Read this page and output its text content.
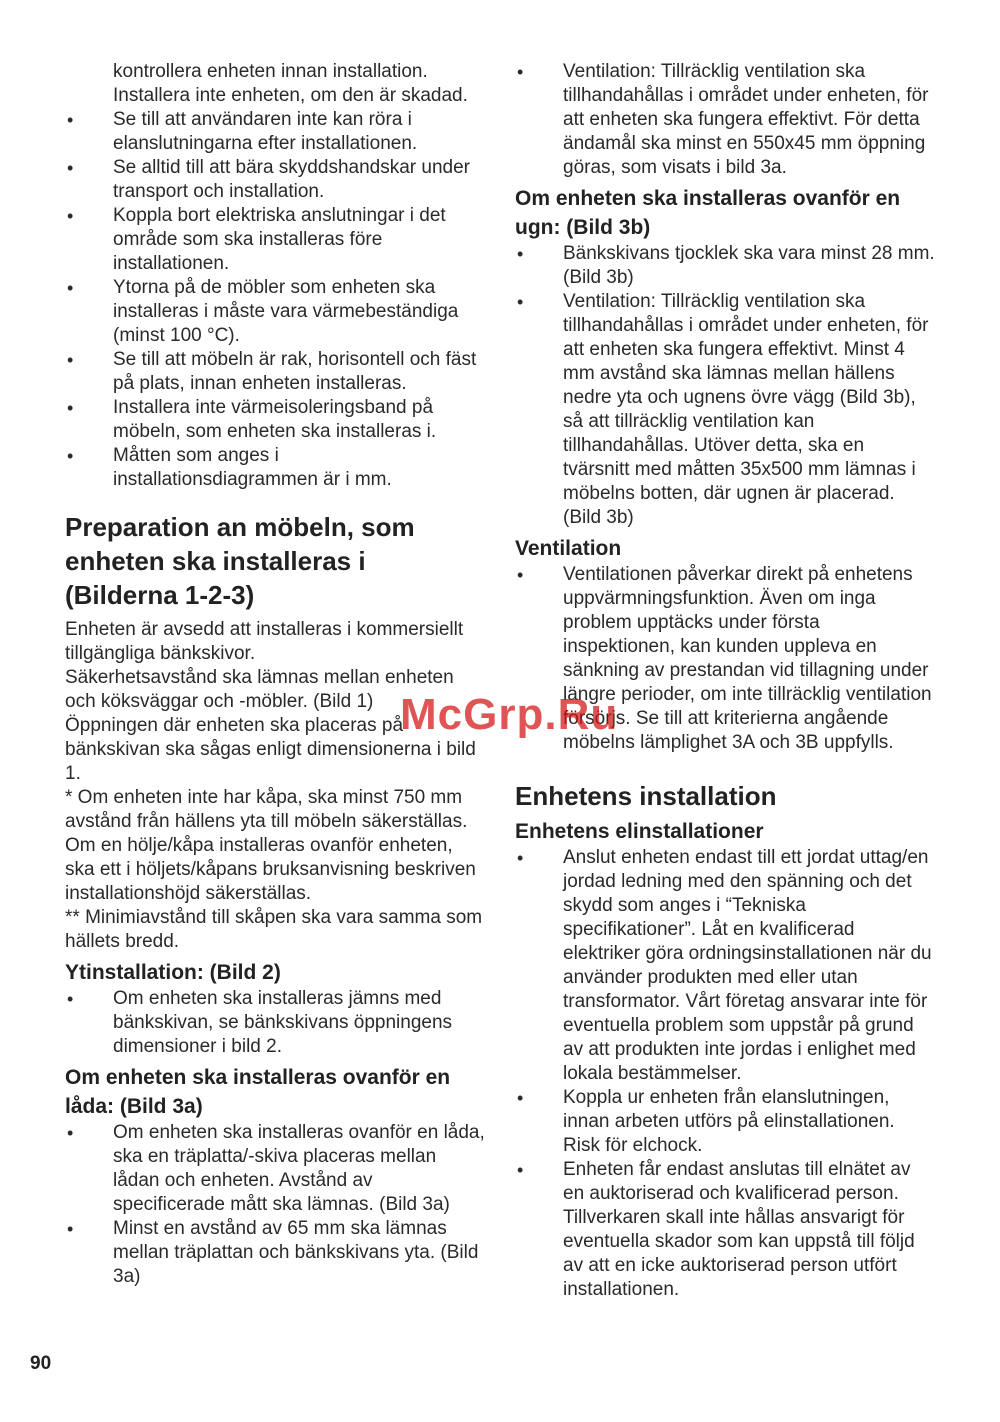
kontrollera enheten innan installation. Installera inte enheten, om den är skadad.
• Se till att användaren inte kan röra i elanslutningarna efter installationen.
• Se alltid till att bära skyddshandskar under transport och installation.
• Koppla bort elektriska anslutningar i det område som ska installeras före installationen.
• Ytorna på de möbler som enheten ska installeras i måste vara värmebeständiga (minst 100 °C).
• Se till att möbeln är rak, horisontell och fäst på plats, innan enheten installeras.
• Installera inte värmeisoleringsband på möbeln, som enheten ska installeras i.
• Måtten som anges i installationsdiagrammen är i mm.
Preparation an möbeln, som enheten ska installeras i (Bilderna 1-2-3)

Enheten är avsedd att installeras i kommersiellt tillgängliga bänkskivor.

Säkerhetsavstånd ska lämnas mellan enheten och köksväggar och -möbler. (Bild 1)

Öppningen där enheten ska placeras på bänkskivan ska sågas enligt dimensionerna i bild 1.

* Om enheten inte har kåpa, ska minst 750 mm avstånd från hällens yta till möbeln säkerställas.

Om en hölje/kåpa installeras ovanför enheten, ska ett i höljets/kåpans bruksanvisning beskriven installationshöjd säkerställas.

** Minimiavstånd till skåpen ska vara samma som hällets bredd.

Ytinstallation: (Bild 2)
• Om enheten ska installeras jämns med bänkskivan, se bänkskivans öppningens dimensioner i bild 2.
Om enheten ska installeras ovanför en låda: (Bild 3a)
• Om enheten ska installeras ovanför en låda, ska en träplatta/-skiva placeras mellan lådan och enheten. Avstånd av specificerade mått ska lämnas. (Bild 3a)
• Minst en avstånd av 65 mm ska lämnas mellan träplattan och bänkskivans yta. (Bild 3a)
• Ventilation: Tillräcklig ventilation ska tillhandahållas i området under enheten, för att enheten ska fungera effektivt. För detta ändamål ska minst en 550x45 mm öppning göras, som visats i bild 3a.
Om enheten ska installeras ovanför en ugn: (Bild 3b)
• Bänkskivans tjocklek ska vara minst 28 mm. (Bild 3b)
• Ventilation: Tillräcklig ventilation ska tillhandahållas i området under enheten, för att enheten ska fungera effektivt. Minst 4 mm avstånd ska lämnas mellan hällens nedre yta och ugnens övre vägg (Bild 3b), så att tillräcklig ventilation kan tillhandahållas. Utöver detta, ska en tvärsnitt med måtten 35x500 mm lämnas i möbelns botten, där ugnen är placerad. (Bild 3b)
Ventilation
• Ventilationen påverkar direkt på enhetens uppvärmningsfunktion. Även om inga problem upptäcks under första inspektionen, kan kunden uppleva en sänkning av prestandan vid tillagning under längre perioder, om inte tillräcklig ventilation försörjs. Se till att kriterierna angående möbelns lämplighet 3A och 3B uppfylls.
Enhetens installation
Enhetens elinstallationer
• Anslut enheten endast till ett jordat uttag/en jordad ledning med den spänning och det skydd som anges i “Tekniska specifikationer”. Låt en kvalificerad elektriker göra ordningsinstallationen när du använder produkten med eller utan transformator. Vårt företag ansvarar inte för eventuella problem som uppstår på grund av att produkten inte jordas i enlighet med lokala bestämmelser.
• Koppla ur enheten från elanslutningen, innan arbeten utförs på elinstallationen. Risk för elchock.
• Enheten får endast anslutas till elnätet av en auktoriserad och kvalificerad person. Tillverkaren skall inte hållas ansvarigt för eventuella skador som kan uppstå till följd av att en icke auktoriserad person utfört installationen.
90
McGrp.Ru
